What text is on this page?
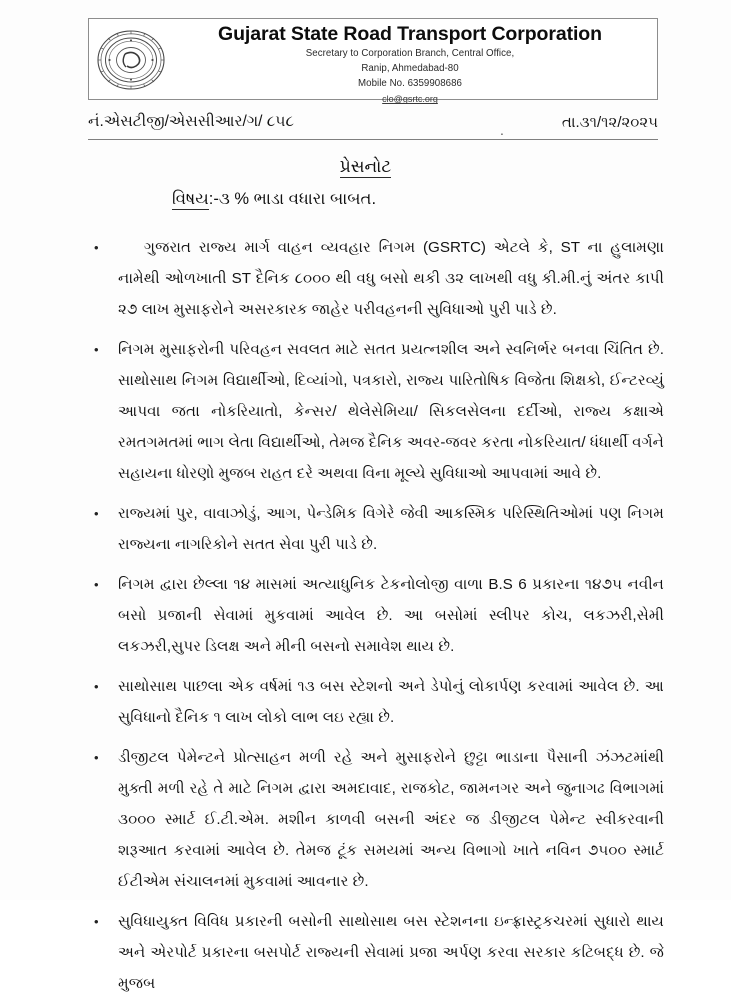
Gujarat State Road Transport Corporation
Secretary to Corporation Branch, Central Office,
Ranip, Ahmedabad-80
Mobile No. 6359908686
clo@gsrtc.org
નં.એસટીજી/એસસીઆર/ગ/ ૮૫૮	.	તા.૩૧/૧૨/૨૦૨૫
પ્રેસનોટ
વિષય:-૩ % ભાડા વધારા બાબત.
•	ગુજરાત રાજ્ય માર્ગ વાહન વ્યવહાર નિગમ (GSRTC) એટલે કે, ST ના હુલામણા નામેથી ઓળખાતી ST દૈનિક ૮૦૦૦ થી વધુ બસો થકી ૩૨ લાખથી વધુ કી.મી.નું અંતર કાપી ૨૭ લાખ મુસાફરોને અસરકારક જાહેર પરીવહનની સુવિધાઓ પુરી પાડે છે.
•	નિગમ મુસાફરોની પરિવહન સવલત માટે સતત પ્રયત્નશીલ અને સ્વનિર્ભર બનવા ચિંતિત છે. સાથોસાથ નિગમ વિદ્યાર્થીઓ, દિવ્યાંગો, પત્રકારો, રાજ્ય પારિતોષિક વિજેતા શિક્ષકો, ઈન્ટરવ્યું આપવા જતા નોકરિયાતો, કેન્સર/ થેલેસેમિયા/ સિકલસેલના દર્દીઓ, રાજ્ય કક્ષાએ રમતગમતમાં ભાગ લેતા વિદ્યાર્થીઓ, તેમજ દૈનિક અવર-જવર કરતા નોકરિયાત/ ધંધાર્થી વર્ગને સહાયના ધોરણો મુજબ રાહત દરે અથવા વિના મૂલ્યે સુવિધાઓ આપવામાં આવે છે.
•	રાજ્યમાં પુર, વાવાઝોડું, આગ, પેન્ડેમિક વિગેરે જેવી આકસ્મિક પરિસ્થિતિઓમાં પણ નિગમ રાજ્યના નાગરિકોને સતત સેવા પુરી પાડે છે.
•	નિગમ દ્વારા છેલ્લા ૧૪ માસમાં અત્યાધુનિક ટેકનોલોજી વાળા B.S 6 પ્રકારના ૧૪૭૫ નવીન બસો પ્રજાની સેવામાં મુકવામાં આવેલ છે. આ બસોમાં સ્લીપર કોચ, લકઝરી,સેમી લકઝરી,સુપર ડિલક્ષ અને મીની બસનો સમાવેશ થાય છે.
•	સાથોસાથ પાછલા એક વર્ષમાં ૧૩ બસ સ્ટેશનો અને ડેપોનું લોકાર્પણ કરવામાં આવેલ છે. આ સુવિધાનો દૈનિક ૧ લાખ લોકો લાભ લઇ રહ્યા છે.
•	ડીજીટલ પેમેન્ટને પ્રોત્સાહન મળી રહે અને મુસાફરોને છુટ્ટા ભાડાના પૈસાની ઝંઝટમાંથી મુક્તી મળી રહે તે માટે નિગમ દ્વારા અમદાવાદ, રાજકોટ, જામનગર અને જુનાગઢ વિભાગમાં ૩૦૦૦ સ્માર્ટ ઈ.ટી.એમ. મશીન કાળવી બસની અંદર જ ડીજીટલ પેમેન્ટ સ્વીકરવાની શરૂઆત કરવામાં આવેલ છે. તેમજ ટૂંક સમયમાં અન્ય વિભાગો ખાતે નવિન ૭૫૦૦ સ્માર્ટ ઈટીએમ સંચાલનમાં મુકવામાં આવનાર છે.
•	સુવિધાયુક્ત વિવિધ પ્રકારની બસોની સાથોસાથ બસ સ્ટેશનના ઇન્ફ્રાસ્ટ્રકચરમાં સુધારો થાય અને એરપોર્ટ પ્રકારના બસપોર્ટ રાજ્યની સેવામાં પ્રજા અર્પણ કરવા સરકાર કટિબદ્ધ છે. જે મુજબ
